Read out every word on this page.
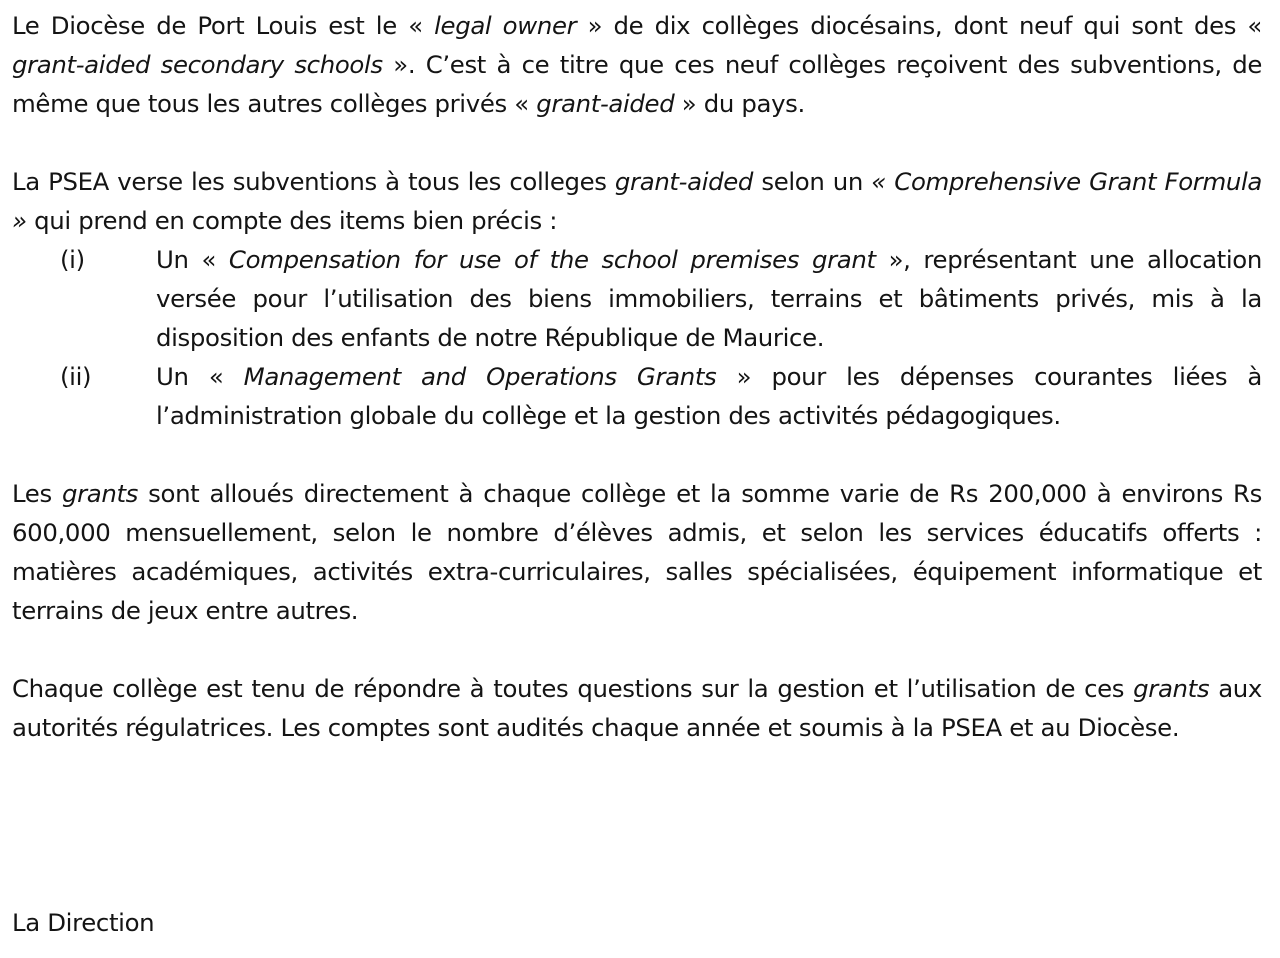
Le Diocèse de Port Louis est le « legal owner » de dix collèges diocésains, dont neuf qui sont des « grant-aided secondary schools ». C’est à ce titre que ces neuf collèges reçoivent des subventions, de même que tous les autres collèges privés « grant-aided » du pays.

La PSEA verse les subventions à tous les colleges grant-aided selon un « Comprehensive Grant Formula » qui prend en compte des items bien précis :

(i)	Un « Compensation for use of the school premises grant », représentant une allocation versée pour l’utilisation des biens immobiliers, terrains et bâtiments privés, mis à la disposition des enfants de notre République de Maurice.
(ii)	Un « Management and Operations Grants » pour les dépenses courantes liées à l’administration globale du collège et la gestion des activités pédagogiques.

Les grants sont alloués directement à chaque collège et la somme varie de Rs 200,000 à environs Rs 600,000 mensuellement, selon le nombre d’élèves admis, et selon les services éducatifs offerts : matières académiques, activités extra-curriculaires, salles spécialisées, équipement informatique et terrains de jeux entre autres.

Chaque collège est tenu de répondre à toutes questions sur la gestion et l’utilisation de ces grants aux autorités régulatrices. Les comptes sont audités chaque année et soumis à la PSEA et au Diocèse.

La Direction
